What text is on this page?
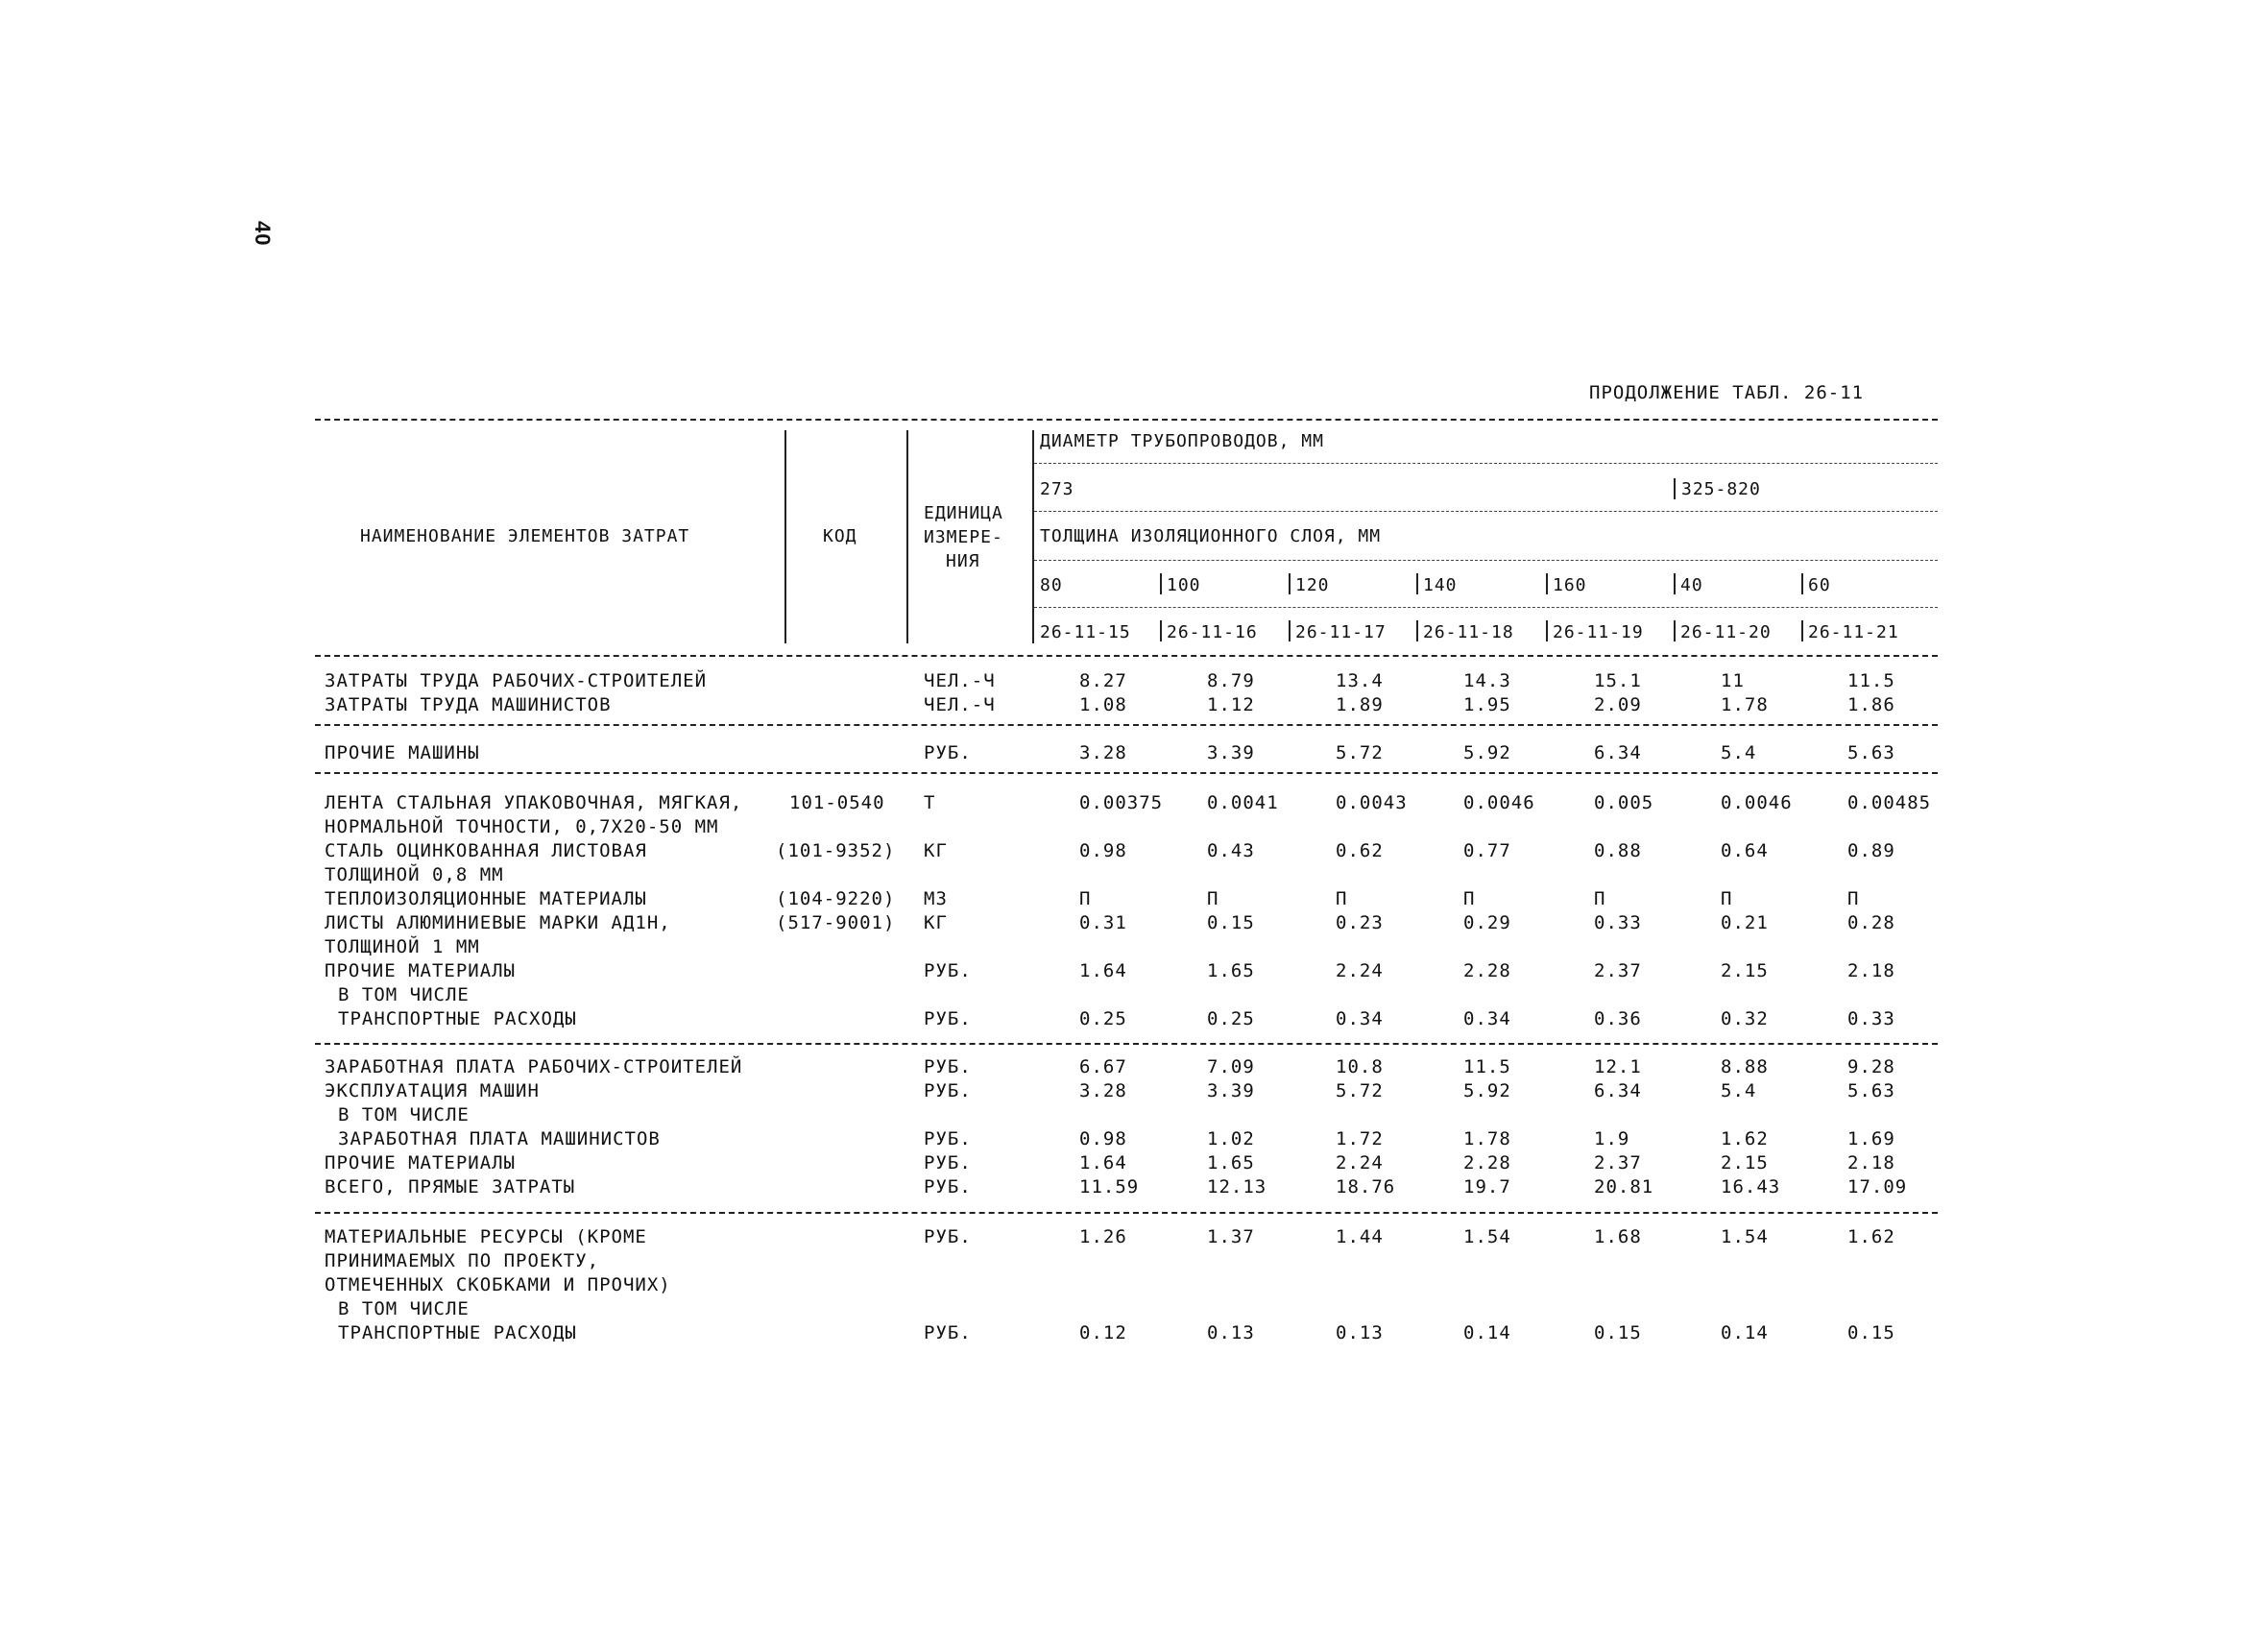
40
ПРОДОЛЖЕНИЕ ТАБЛ. 26-11
НАИМЕНОВАНИЕ ЭЛЕМЕНТОВ ЗАТРАТ	КОД
ЕДИНИЦА
ИЗМЕРЕ-
НИЯ
ДИАМЕТР ТРУБОПРОВОДОВ, ММ
273	325-820
ТОЛЩИНА ИЗОЛЯЦИОННОГО СЛОЯ, ММ
80	100	120	140	160	40	60
26-11-15 26-11-16 26-11-17 26-11-18 26-11-19 26-11-20 26-11-21
ЗАТРАТЫ ТРУДА РАБОЧИХ-СТРОИТЕЛЕЙ	ЧЕЛ.-Ч	8.27	8.79	13.4	14.3	15.1	11	11.5
ЗАТРАТЫ ТРУДА МАШИНИСТОВ	ЧЕЛ.-Ч	1.08	1.12	1.89	1.95	2.09	1.78	1.86
ПРОЧИЕ МАШИНЫ	РУБ.	3.28	3.39	5.72	5.92	6.34	5.4	5.63
ЛЕНТА СТАЛЬНАЯ УПАКОВОЧНАЯ, МЯГКАЯ,	101-0540 Т	0.00375 0.0041	0.0043	0.0046	0.005	0.0046	0.00485
НОРМАЛЬНОЙ ТОЧНОСТИ, 0,7X20-50 ММ
СТАЛЬ ОЦИНКОВАННАЯ ЛИСТОВАЯ	(101-9352) КГ	0.98	0.43	0.62	0.77	0.88	0.64	0.89
ТОЛЩИНОЙ 0,8 ММ
ТЕПЛОИЗОЛЯЦИОННЫЕ МАТЕРИАЛЫ	(104-9220) М3	П	П	П	П	П	П	П
ЛИСТЫ АЛЮМИНИЕВЫЕ МАРКИ АД1Н,	(517-9001) КГ	0.31	0.15	0.23	0.29	0.33	0.21	0.28
ТОЛЩИНОЙ 1 ММ
ПРОЧИЕ МАТЕРИАЛЫ	РУБ.	1.64	1.65	2.24	2.28	2.37	2.15	2.18
В ТОМ ЧИСЛЕ
ТРАНСПОРТНЫЕ РАСХОДЫ	РУБ.	0.25	0.25	0.34	0.34	0.36	0.32	0.33
ЗАРАБОТНАЯ ПЛАТА РАБОЧИХ-СТРОИТЕЛЕЙ	РУБ.	6.67	7.09	10.8	11.5	12.1	8.88	9.28
ЭКСПЛУАТАЦИЯ МАШИН	РУБ.	3.28	3.39	5.72	5.92	6.34	5.4	5.63
В ТОМ ЧИСЛЕ
ЗАРАБОТНАЯ ПЛАТА МАШИНИСТОВ	РУБ.	0.98	1.02	1.72	1.78	1.9	1.62	1.69
ПРОЧИЕ МАТЕРИАЛЫ	РУБ.	1.64	1.65	2.24	2.28	2.37	2.15	2.18
ВСЕГО, ПРЯМЫЕ ЗАТРАТЫ	РУБ.	11.59	12.13	18.76	19.7	20.81	16.43	17.09
МАТЕРИАЛЬНЫЕ РЕСУРСЫ (КРОМЕ	РУБ.	1.26	1.37	1.44	1.54	1.68	1.54	1.62
ПРИНИМАЕМЫХ ПО ПРОЕКТУ,
ОТМЕЧЕННЫХ СКОБКАМИ И ПРОЧИХ)
В ТОМ ЧИСЛЕ
ТРАНСПОРТНЫЕ РАСХОДЫ	РУБ.	0.12	0.13	0.13	0.14	0.15	0.14	0.15
